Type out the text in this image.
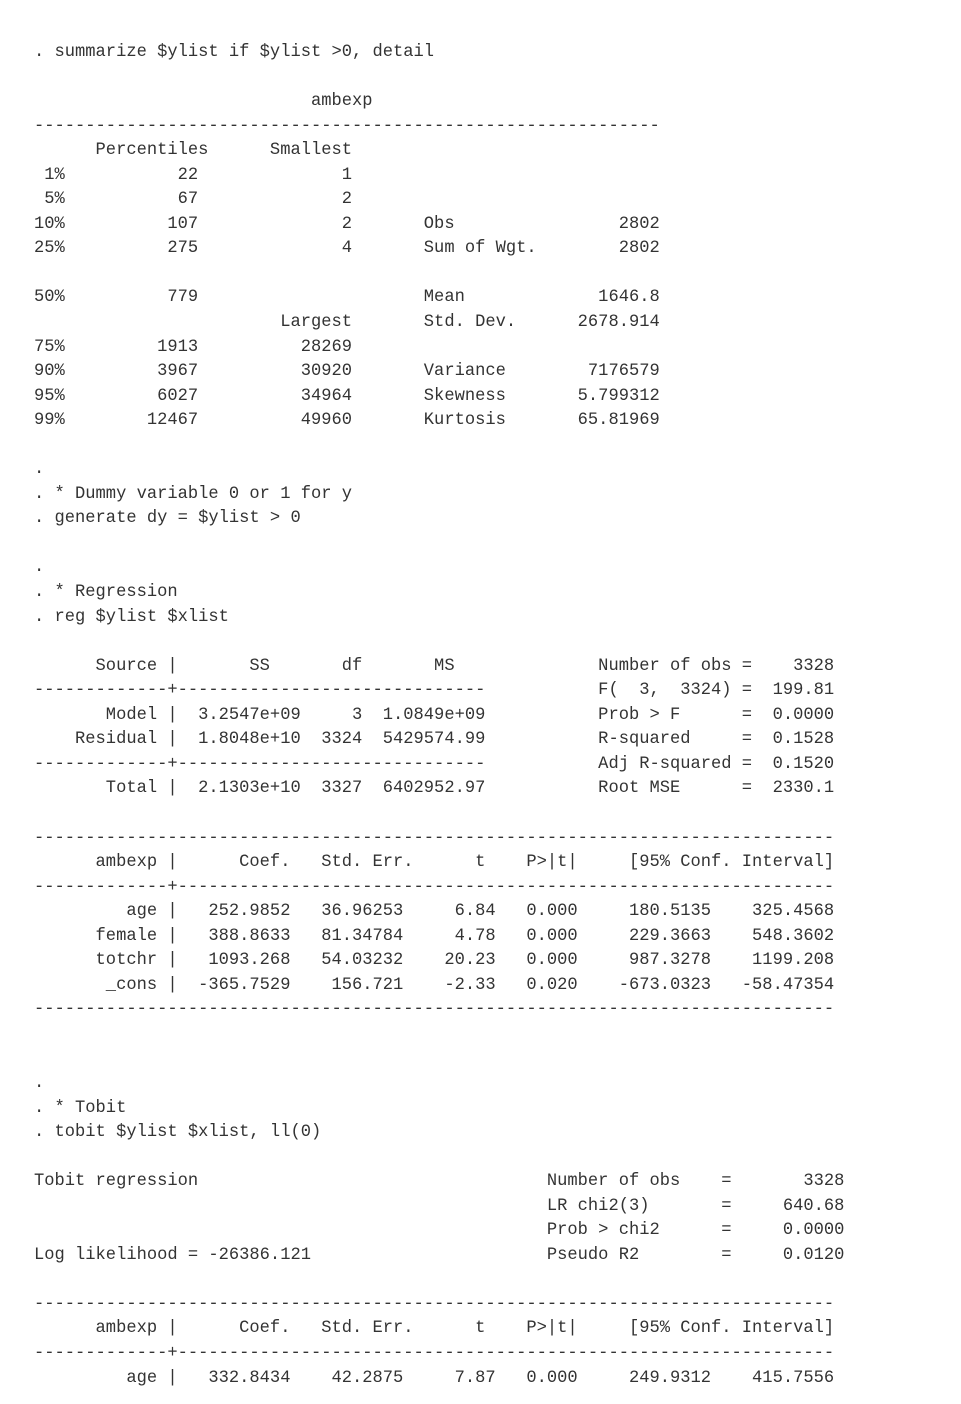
. summarize $ylist if $ylist >0, detail
ambexp
-------------------------------------------------------------
Percentiles      Smallest
1%           22              1
5%           67              2
10%          107              2       Obs                2802
25%          275              4       Sum of Wgt.        2802
50%          779                      Mean             1646.8
Largest       Std. Dev.      2678.914
75%         1913          28269
90%         3967          30920       Variance        7176579
95%         6027          34964       Skewness       5.799312
99%        12467          49960       Kurtosis       65.81969
.
. * Dummy variable 0 or 1 for y
. generate dy = $ylist > 0
.
. * Regression
. reg $ylist $xlist
Source |       SS       df       MS              Number of obs =    3328
-------------+------------------------------           F(  3,  3324) =  199.81
Model |  3.2547e+09     3  1.0849e+09           Prob > F      =  0.0000
Residual |  1.8048e+10  3324  5429574.99           R-squared     =  0.1528
-------------+------------------------------           Adj R-squared =  0.1520
Total |  2.1303e+10  3327  6402952.97           Root MSE      =  2330.1
------------------------------------------------------------------------------
ambexp |      Coef.   Std. Err.      t    P>|t|     [95% Conf. Interval]
-------------+----------------------------------------------------------------
age |   252.9852   36.96253     6.84   0.000     180.5135    325.4568
female |   388.8633   81.34784     4.78   0.000     229.3663    548.3602
totchr |   1093.268   54.03232    20.23   0.000     987.3278    1199.208
_cons |  -365.7529    156.721    -2.33   0.020    -673.0323   -58.47354
------------------------------------------------------------------------------
.
. * Tobit
. tobit $ylist $xlist, ll(0)
Tobit regression                                  Number of obs    =       3328
LR chi2(3)       =     640.68
Prob > chi2      =     0.0000
Log likelihood = -26386.121                       Pseudo R2        =     0.0120
------------------------------------------------------------------------------
ambexp |      Coef.   Std. Err.      t    P>|t|     [95% Conf. Interval]
-------------+----------------------------------------------------------------
age |   332.8434    42.2875     7.87   0.000     249.9312    415.7556
